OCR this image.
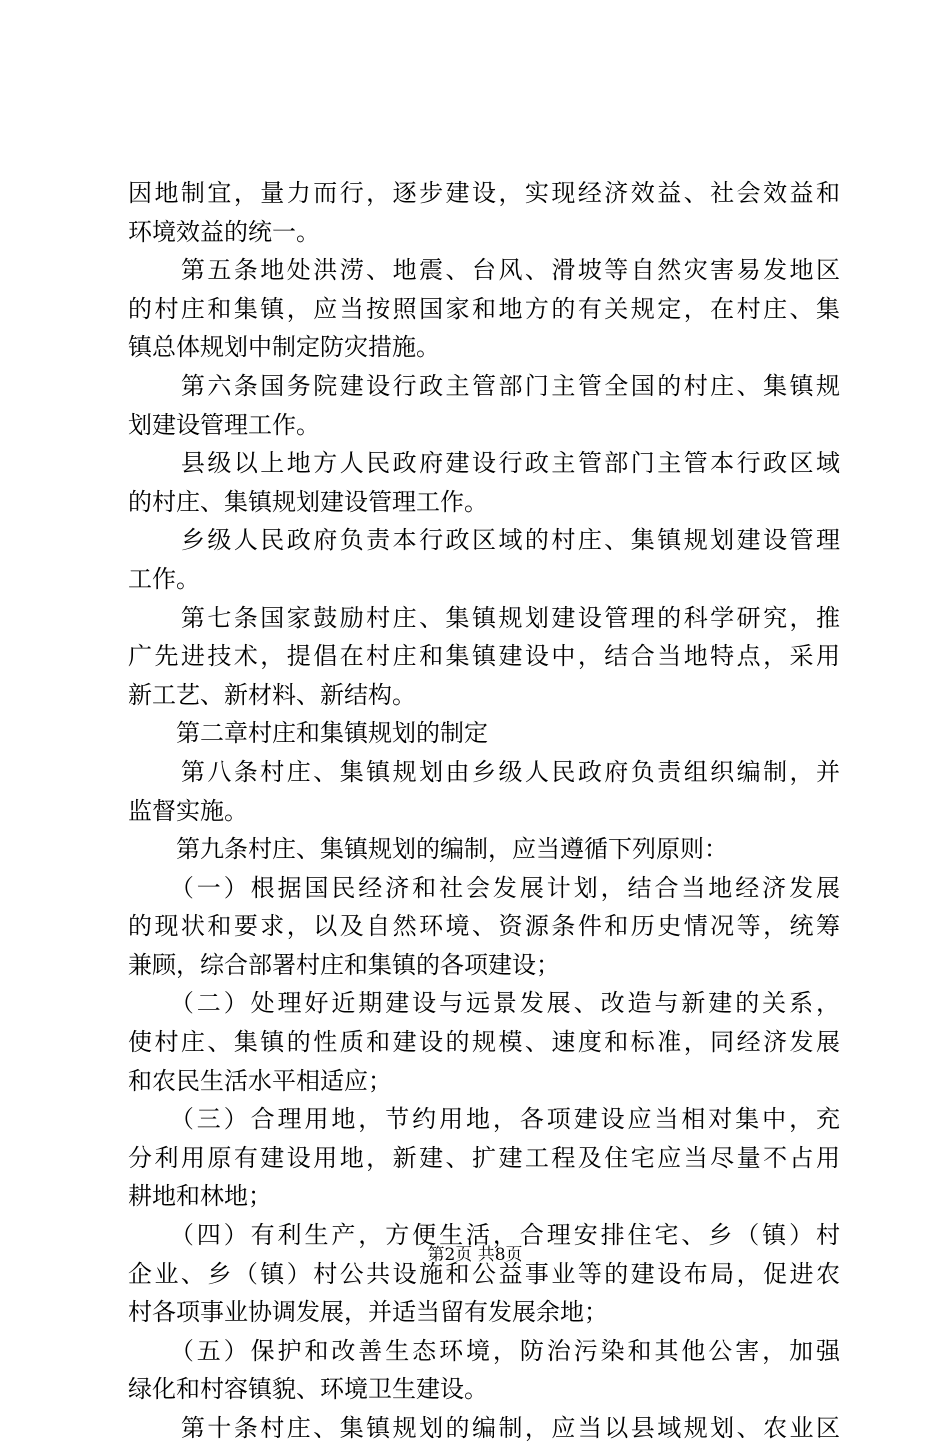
因地制宜，量力而行，逐步建设，实现经济效益、社会效益和
环境效益的统一。
　　第五条地处洪涝、地震、台风、滑坡等自然灾害易发地区
的村庄和集镇，应当按照国家和地方的有关规定，在村庄、集
镇总体规划中制定防灾措施。
　　第六条国务院建设行政主管部门主管全国的村庄、集镇规
划建设管理工作。
　　县级以上地方人民政府建设行政主管部门主管本行政区域
的村庄、集镇规划建设管理工作。
　　乡级人民政府负责本行政区域的村庄、集镇规划建设管理
工作。
　　第七条国家鼓励村庄、集镇规划建设管理的科学研究，推
广先进技术，提倡在村庄和集镇建设中，结合当地特点，采用
新工艺、新材料、新结构。
　　第二章村庄和集镇规划的制定
　　第八条村庄、集镇规划由乡级人民政府负责组织编制，并
监督实施。
　　第九条村庄、集镇规划的编制，应当遵循下列原则：
　　（一）根据国民经济和社会发展计划，结合当地经济发展
的现状和要求，以及自然环境、资源条件和历史情况等，统筹
兼顾，综合部署村庄和集镇的各项建设；
　　（二）处理好近期建设与远景发展、改造与新建的关系，
使村庄、集镇的性质和建设的规模、速度和标准，同经济发展
和农民生活水平相适应；
　　（三）合理用地，节约用地，各项建设应当相对集中，充
分利用原有建设用地，新建、扩建工程及住宅应当尽量不占用
耕地和林地；
　　（四）有利生产，方便生活，合理安排住宅、乡（镇）村
企业、乡（镇）村公共设施和公益事业等的建设布局，促进农
村各项事业协调发展，并适当留有发展余地；
　　（五）保护和改善生态环境，防治污染和其他公害，加强
绿化和村容镇貌、环境卫生建设。
　　第十条村庄、集镇规划的编制，应当以县域规划、农业区
第2页 共8页
